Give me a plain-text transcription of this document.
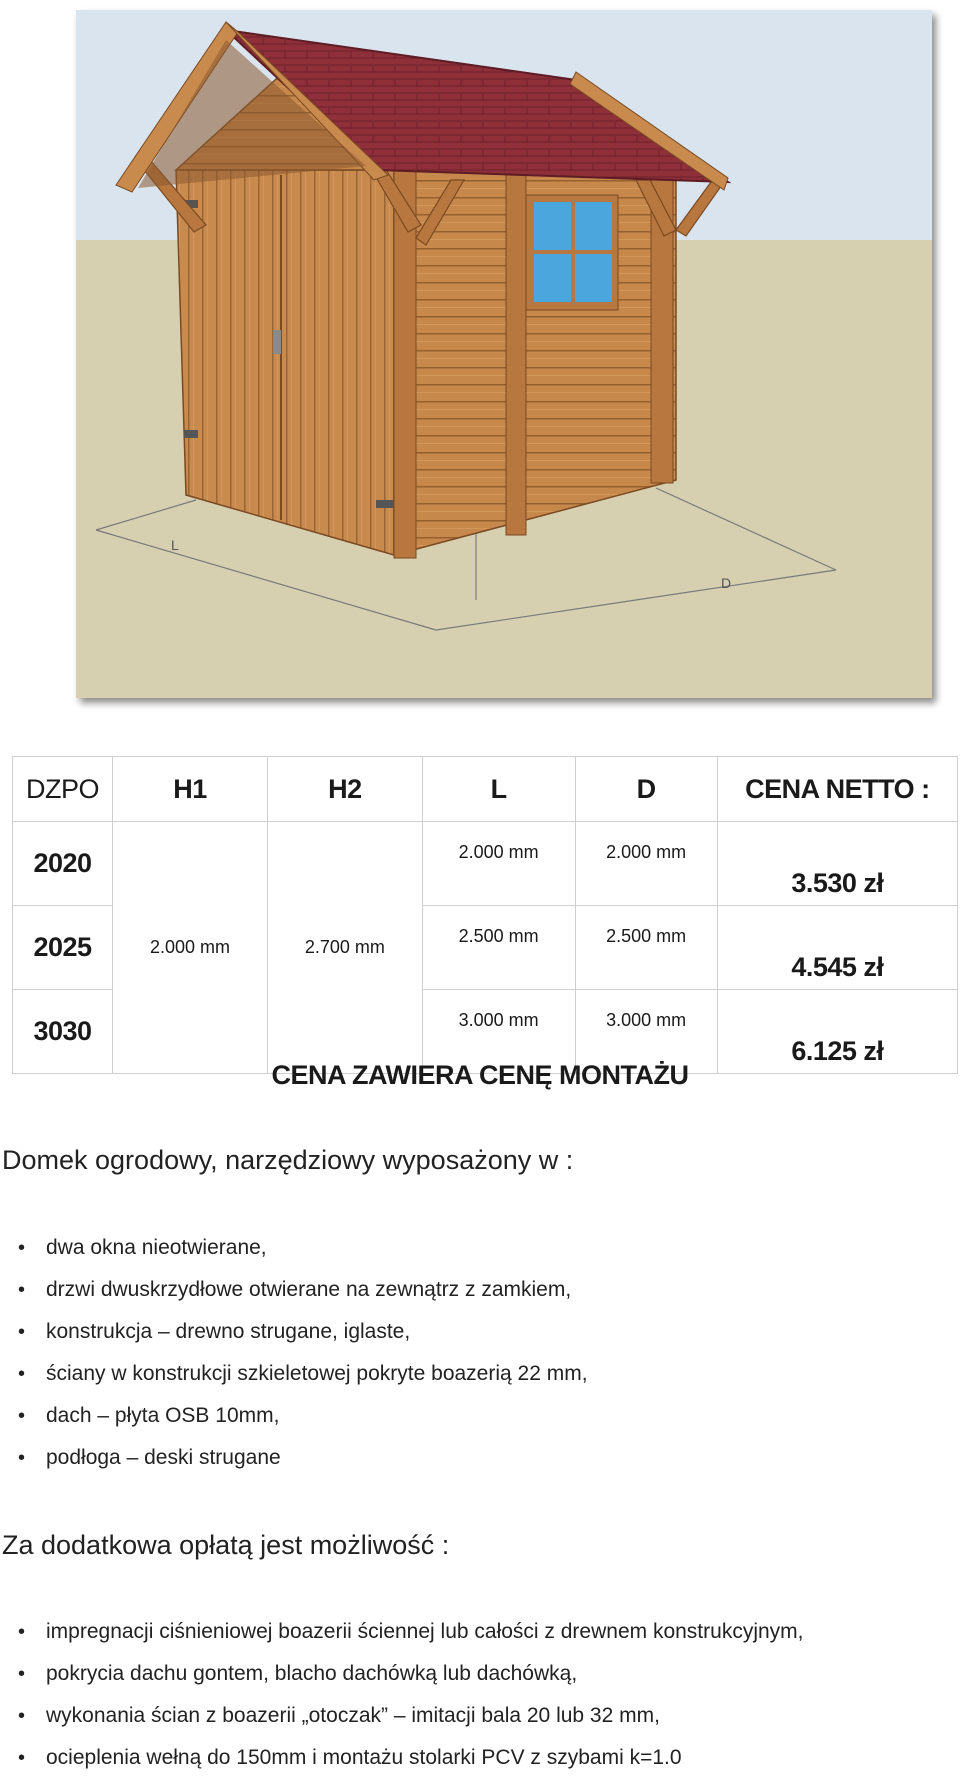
L
D
DZPO	H1	H2	L	D	CENA NETTO :
2020	2.000 mm	2.700 mm	2.000 mm	2.000 mm	3.530 zł
2025			2.500 mm	2.500 mm	4.545 zł
3030			3.000 mm	3.000 mm	6.125 zł
CENA ZAWIERA CENĘ MONTAŻU
Domek ogrodowy, narzędziowy wyposażony w :
• dwa okna nieotwierane,
• drzwi dwuskrzydłowe otwierane na zewnątrz z zamkiem,
• konstrukcja – drewno strugane, iglaste,
• ściany w konstrukcji szkieletowej pokryte boazerią 22 mm,
• dach – płyta OSB 10mm,
• podłoga – deski strugane
Za dodatkowa opłatą jest możliwość :
• impregnacji ciśnieniowej boazerii ściennej lub całości z drewnem konstrukcyjnym,
• pokrycia dachu gontem, blacho dachówką lub dachówką,
• wykonania ścian z boazerii „otoczak” – imitacji bala 20 lub 32 mm,
• ocieplenia wełną do 150mm i montażu stolarki PCV z szybami k=1.0
